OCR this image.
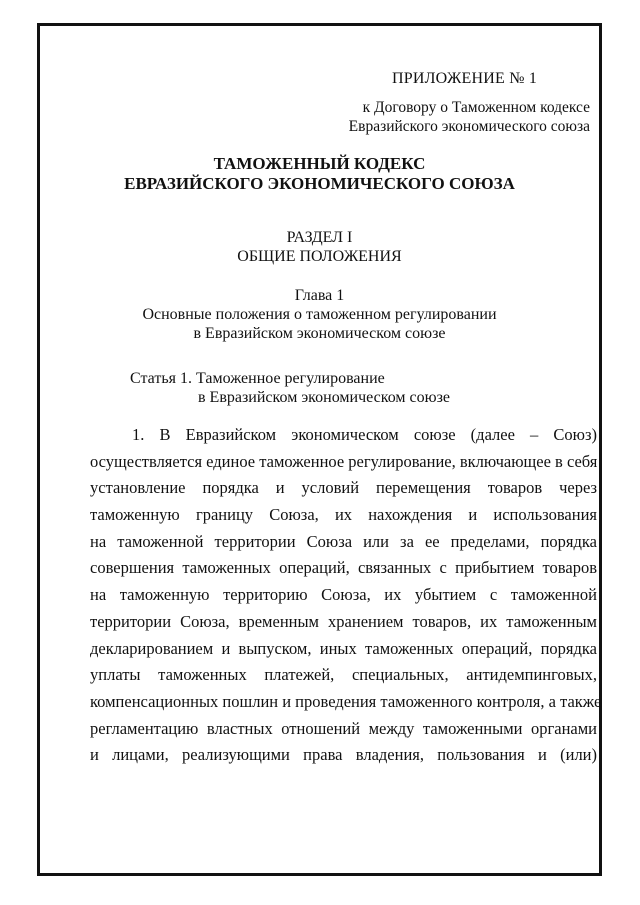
ПРИЛОЖЕНИЕ № 1
к Договору о Таможенном кодексе
Евразийского экономического союза
ТАМОЖЕННЫЙ КОДЕКС
ЕВРАЗИЙСКОГО ЭКОНОМИЧЕСКОГО СОЮЗА
РАЗДЕЛ I
ОБЩИЕ ПОЛОЖЕНИЯ
Глава 1
Основные положения о таможенном регулировании
в Евразийском экономическом союзе
Статья 1. Таможенное регулирование
в Евразийском экономическом союзе
1. В Евразийском экономическом союзе (далее – Союз)
осуществляется единое таможенное регулирование, включающее в себя
установление порядка и условий перемещения товаров через
таможенную границу Союза, их нахождения и использования
на таможенной территории Союза или за ее пределами, порядка
совершения таможенных операций, связанных с прибытием товаров
на таможенную территорию Союза, их убытием с таможенной
территории Союза, временным хранением товаров, их таможенным
декларированием и выпуском, иных таможенных операций, порядка
уплаты таможенных платежей, специальных, антидемпинговых,
компенсационных пошлин и проведения таможенного контроля, а также
регламентацию властных отношений между таможенными органами
и лицами, реализующими права владения, пользования и (или)
